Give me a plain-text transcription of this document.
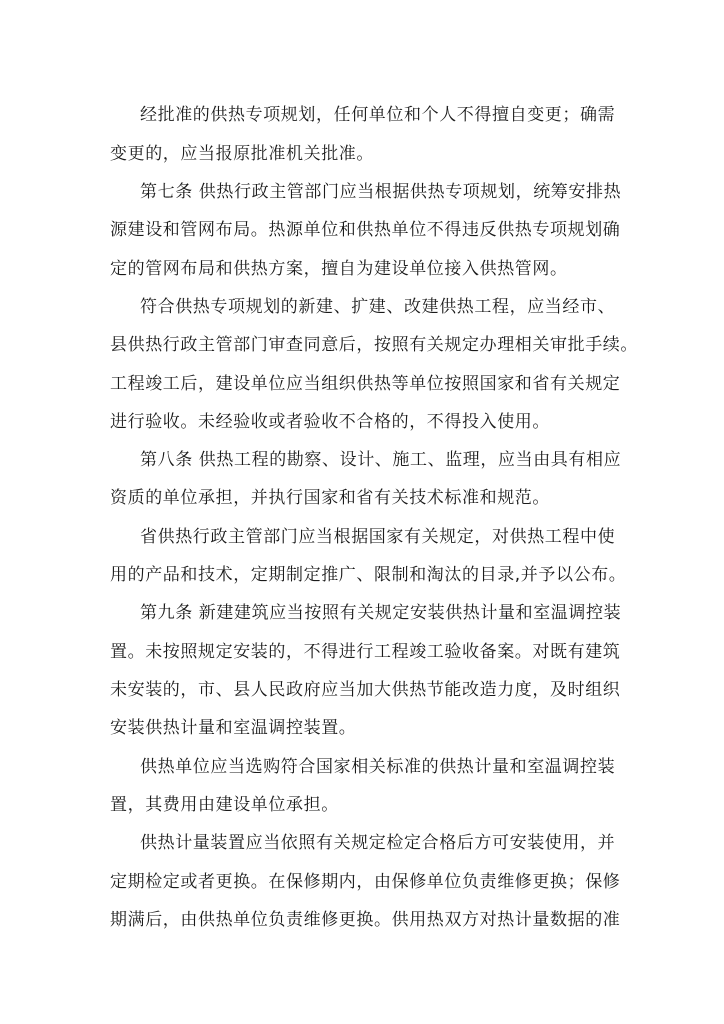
经批准的供热专项规划，任何单位和个人不得擅自变更；确需
变更的，应当报原批准机关批准。
第七条 供热行政主管部门应当根据供热专项规划，统筹安排热
源建设和管网布局。热源单位和供热单位不得违反供热专项规划确
定的管网布局和供热方案，擅自为建设单位接入供热管网。
符合供热专项规划的新建、扩建、改建供热工程，应当经市、
县供热行政主管部门审查同意后，按照有关规定办理相关审批手续。
工程竣工后，建设单位应当组织供热等单位按照国家和省有关规定
进行验收。未经验收或者验收不合格的，不得投入使用。
第八条 供热工程的勘察、设计、施工、监理，应当由具有相应
资质的单位承担，并执行国家和省有关技术标准和规范。
省供热行政主管部门应当根据国家有关规定，对供热工程中使
用的产品和技术，定期制定推广、限制和淘汰的目录,并予以公布。
第九条 新建建筑应当按照有关规定安装供热计量和室温调控装
置。未按照规定安装的，不得进行工程竣工验收备案。对既有建筑
未安装的，市、县人民政府应当加大供热节能改造力度，及时组织
安装供热计量和室温调控装置。
供热单位应当选购符合国家相关标准的供热计量和室温调控装
置，其费用由建设单位承担。
供热计量装置应当依照有关规定检定合格后方可安装使用，并
定期检定或者更换。在保修期内，由保修单位负责维修更换；保修
期满后，由供热单位负责维修更换。供用热双方对热计量数据的准
